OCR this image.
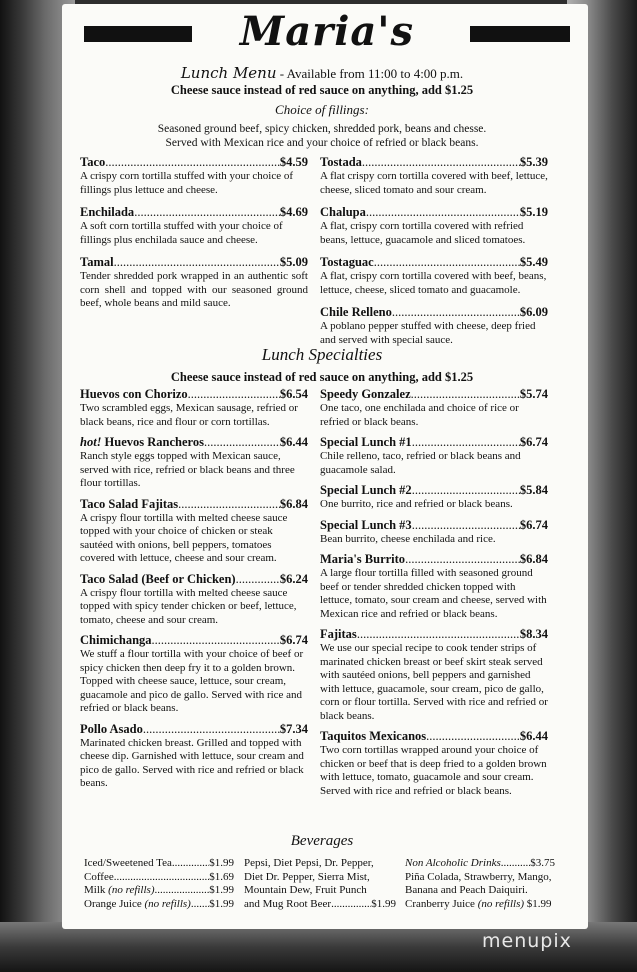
Maria's
Lunch Menu - Available from 11:00 to 4:00 p.m.
Cheese sauce instead of red sauce on anything, add $1.25
Choice of fillings:
Seasoned ground beef, spicy chicken, shredded pork, beans and chesse.
Served with Mexican rice and your choice of refried or black beans.
Taco .....	$4.59
A crispy corn tortilla stuffed with your choice of fillings plus lettuce and cheese.
Enchilada .....	$4.69
A soft corn tortilla stuffed with your choice of fillings plus enchilada sauce and cheese.
Tamal .....	$5.09
Tender shredded pork wrapped in an authentic soft corn shell and topped with our seasoned ground beef, whole beans and mild sauce.
Tostada .....	$5.39
A flat crispy corn tortilla covered with beef, lettuce, cheese, sliced tomato and sour cream.
Chalupa .....	$5.19
A flat, crispy corn tortilla covered with refried beans, lettuce, guacamole and sliced tomatoes.
Tostaguac .....	$5.49
A flat, crispy corn tortilla covered with beef, beans, lettuce, cheese, sliced tomato and guacamole.
Chile Relleno .....	$6.09
A poblano pepper stuffed with cheese, deep fried and served with special sauce.
Lunch Specialties
Cheese sauce instead of red sauce on anything, add $1.25
Huevos con Chorizo .....	$6.54
Two scrambled eggs, Mexican sausage, refried or black beans, rice and flour or corn tortillas.
hot! Huevos Rancheros .....	$6.44
Ranch style eggs topped with Mexican sauce, served with rice, refried or black beans and three flour tortillas.
Taco Salad Fajitas .....	$6.84
A crispy flour tortilla with melted cheese sauce topped with your choice of chicken or steak sautéed with onions, bell peppers, tomatoes covered with lettuce, cheese and sour cream.
Taco Salad (Beef or Chicken) .....	$6.24
A crispy flour tortilla with melted cheese sauce topped with spicy tender chicken or beef, lettuce, tomato, cheese and sour cream.
Chimichanga .....	$6.74
We stuff a flour tortilla with your choice of beef or spicy chicken then deep fry it to a golden brown. Topped with cheese sauce, lettuce, sour cream, guacamole and pico de gallo. Served with rice and refried or black beans.
Pollo Asado .....	$7.34
Marinated chicken breast. Grilled and topped with cheese dip. Garnished with lettuce, sour cream and pico de gallo. Served with rice and refried or black beans.
Speedy Gonzalez .....	$5.74
One taco, one enchilada and choice of rice or refried or black beans.
Special Lunch #1 .....	$6.74
Chile relleno, taco, refried or black beans and guacamole salad.
Special Lunch #2 .....	$5.84
One burrito, rice and refried or black beans.
Special Lunch #3 .....	$6.74
Bean burrito, cheese enchilada and rice.
Maria's Burrito .....	$6.84
A large flour tortilla filled with seasoned ground beef or tender shredded chicken topped with lettuce, tomato, sour cream and cheese, served with Mexican rice and refried or black beans.
Fajitas .....	$8.34
We use our special recipe to cook tender strips of marinated chicken breast or beef skirt steak served with sautéed onions, bell peppers and garnished with lettuce, guacamole, sour cream, pico de gallo, corn or flour tortilla. Served with rice and refried or black beans.
Taquitos Mexicanos .....	$6.44
Two corn tortillas wrapped around your choice of chicken or beef that is deep fried to a golden brown with lettuce, tomato, guacamole and sour cream. Served with rice and refried or black beans.
Beverages
Iced/Sweetened Tea .....	$1.99
Coffee .....	$1.69
Milk
(no refills) .....	$1.99
Orange Juice
(no refills) ..... $1.99
Pepsi, Diet Pepsi, Dr. Pepper,
Diet Dr. Pepper, Sierra Mist,
Mountain Dew, Fruit Punch
and Mug Root Beer .....	$1.99
Non Alcoholic Drinks .....	$3.75
Piña Colada, Strawberry, Mango,
Banana and Peach Daiquiri.
Cranberry Juice
(no refills)
$1.99
menupix
